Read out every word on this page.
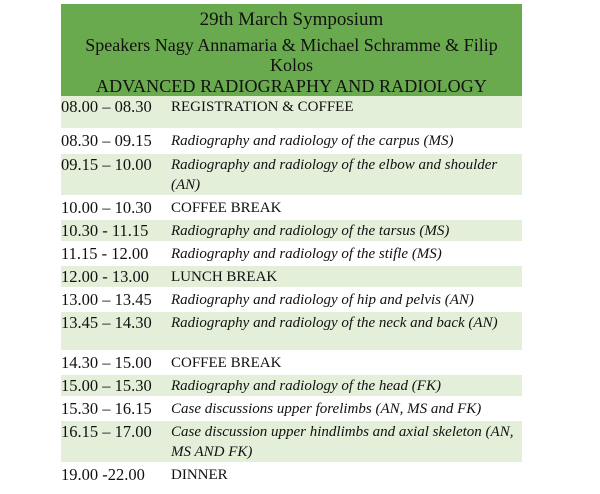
29th March Symposium
Speakers Nagy Annamaria & Michael Schramme & Filip
Kolos
ADVANCED RADIOGRAPHY AND RADIOLOGY
08.00 – 08.30	REGISTRATION & COFFEE
08.30 – 09.15	Radiography and radiology of the carpus (MS)
09.15 – 10.00	Radiography and radiology of the elbow and shoulder (AN)
10.00 – 10.30	COFFEE BREAK
10.30 - 11.15	Radiography and radiology of the tarsus (MS)
11.15 - 12.00	Radiography and radiology of the stifle (MS)
12.00 - 13.00	LUNCH BREAK
13.00 – 13.45	Radiography and radiology of hip and pelvis (AN)
13.45 – 14.30	Radiography and radiology of the neck and back (AN)
14.30 – 15.00	COFFEE BREAK
15.00 – 15.30	Radiography and radiology of the head (FK)
15.30 – 16.15	Case discussions upper forelimbs (AN, MS and FK)
16.15 – 17.00	Case discussion upper hindlimbs and axial skeleton (AN, MS AND FK)
19.00 -22.00	DINNER
